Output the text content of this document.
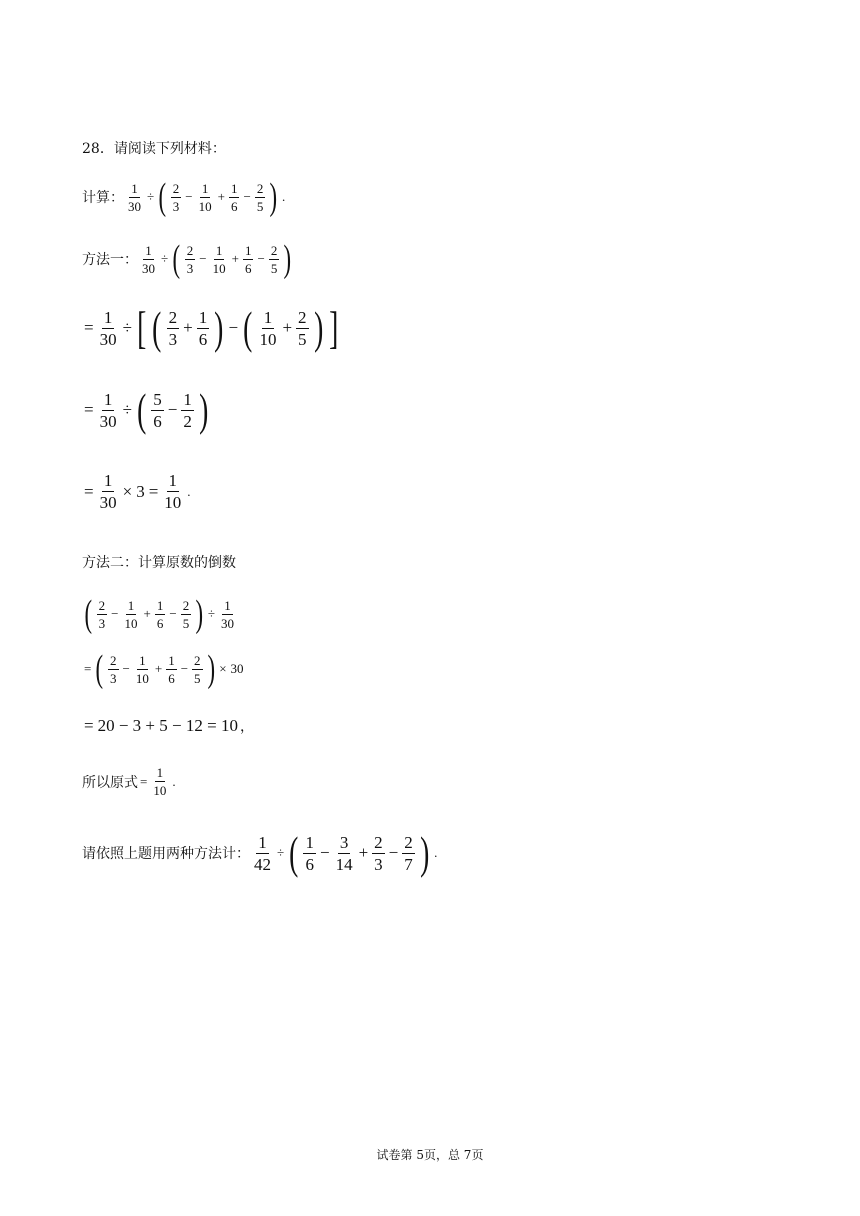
28．请阅读下列材料：
计算： $\frac{1}{30}$ ÷ ( $\frac{2}{3} - \frac{1}{10} + \frac{1}{6} - \frac{2}{5}$ ) .
方法一： $\frac{1}{30}$ ÷ ( $\frac{2}{3} - \frac{1}{10} + \frac{1}{6} - \frac{2}{5}$ )
= $\frac{1}{30}$ ÷ [ ( $\frac{2}{3} + \frac{1}{6}$ ) − ( $\frac{1}{10} + \frac{2}{5}$ ) ]
= $\frac{1}{30}$ ÷ ( $\frac{5}{6} - \frac{1}{2}$ )
= $\frac{1}{30} \times 3 = \frac{1}{10}$ .
方法二：计算原数的倒数
( $\frac{2}{3} - \frac{1}{10} + \frac{1}{6} - \frac{2}{5}$ ) ÷ $\frac{1}{30}$
= ( $\frac{2}{3} - \frac{1}{10} + \frac{1}{6} - \frac{2}{5}$ ) × 30
= 20 − 3 + 5 − 12 = 10 ，
所以原式 = $\frac{1}{10}$ .
请依照上题用两种方法计： $\frac{1}{42}$ ÷ ( $\frac{1}{6} - \frac{3}{14} + \frac{2}{3} - \frac{2}{7}$ ) .
试卷第 5页，总 7页
